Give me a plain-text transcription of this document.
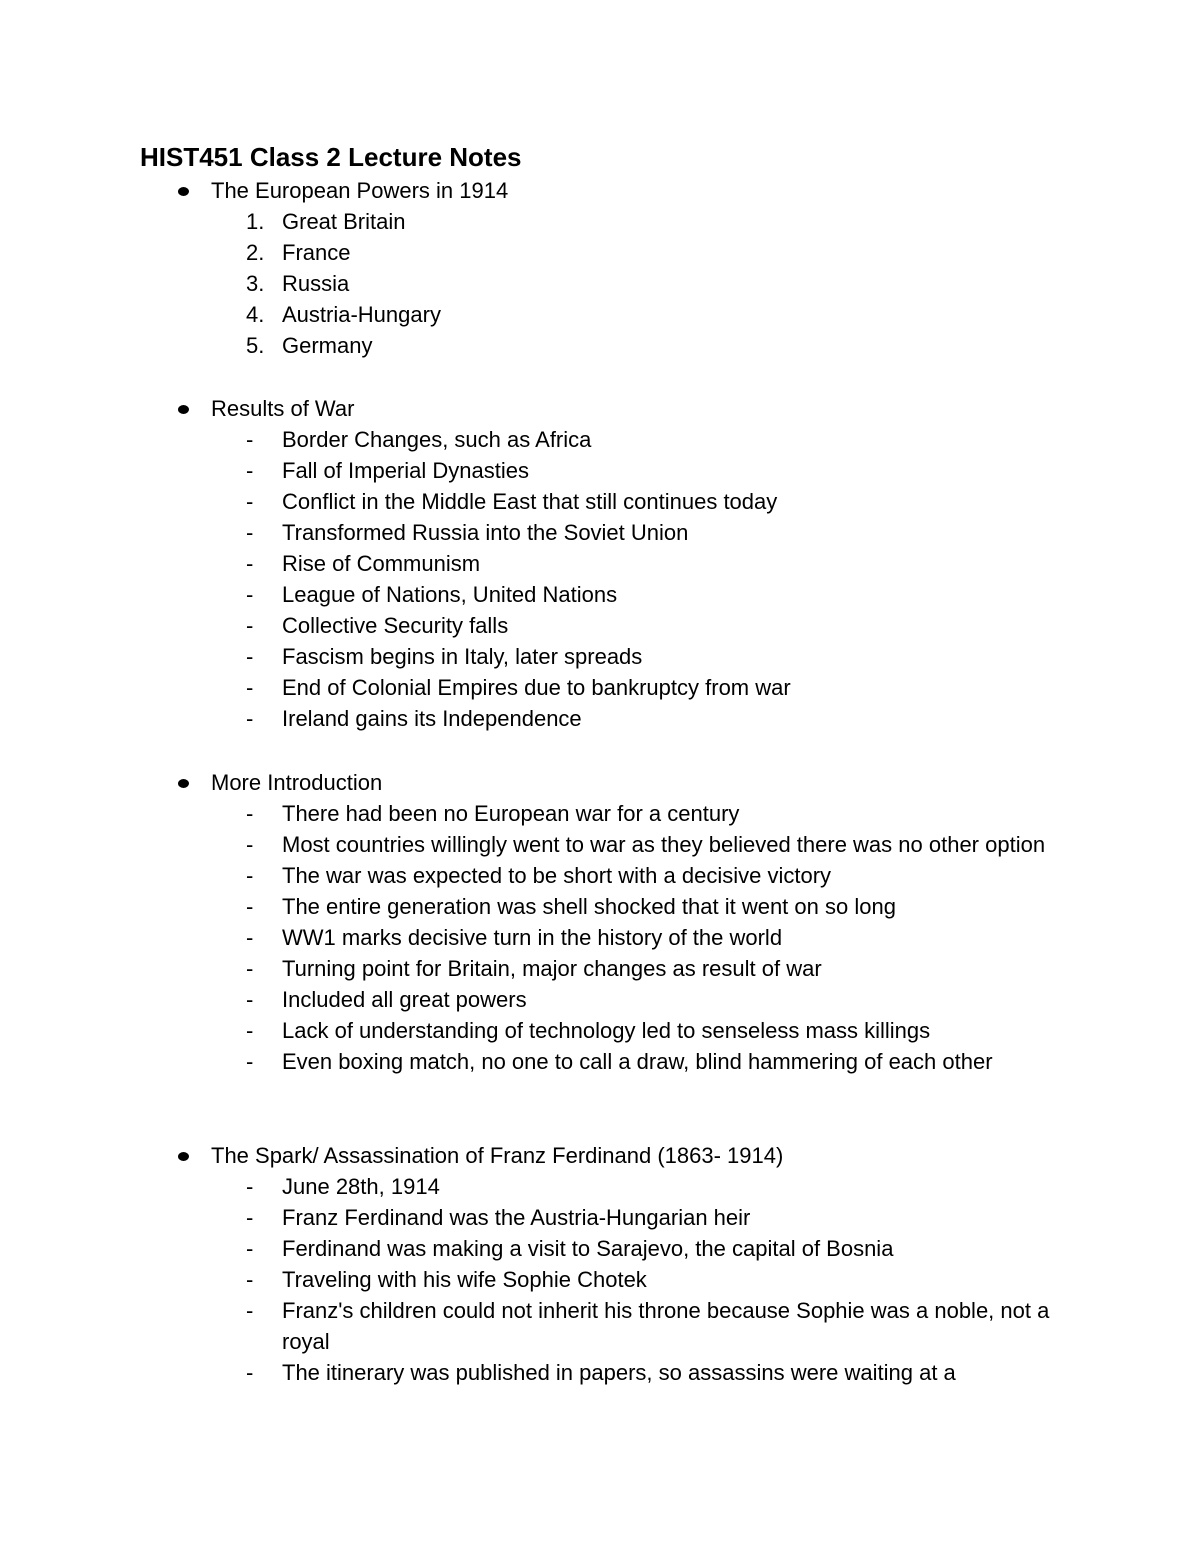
HIST451 Class 2 Lecture Notes
The European Powers in 1914
1. Great Britain
2. France
3. Russia
4. Austria-Hungary
5. Germany
Results of War
- Border Changes, such as Africa
- Fall of Imperial Dynasties
- Conflict in the Middle East that still continues today
- Transformed Russia into the Soviet Union
- Rise of Communism
- League of Nations, United Nations
- Collective Security falls
- Fascism begins in Italy, later spreads
- End of Colonial Empires due to bankruptcy from war
- Ireland gains its Independence
More Introduction
- There had been no European war for a century
- Most countries willingly went to war as they believed there was no other option
- The war was expected to be short with a decisive victory
- The entire generation was shell shocked that it went on so long
- WW1 marks decisive turn in the history of the world
- Turning point for Britain, major changes as result of war
- Included all great powers
- Lack of understanding of technology led to senseless mass killings
- Even boxing match, no one to call a draw, blind hammering of each other
The Spark/ Assassination of Franz Ferdinand (1863- 1914)
- June 28th, 1914
- Franz Ferdinand was the Austria-Hungarian heir
- Ferdinand was making a visit to Sarajevo, the capital of Bosnia
- Traveling with his wife Sophie Chotek
- Franz's children could not inherit his throne because Sophie was a noble, not a royal
- The itinerary was published in papers, so assassins were waiting at a
